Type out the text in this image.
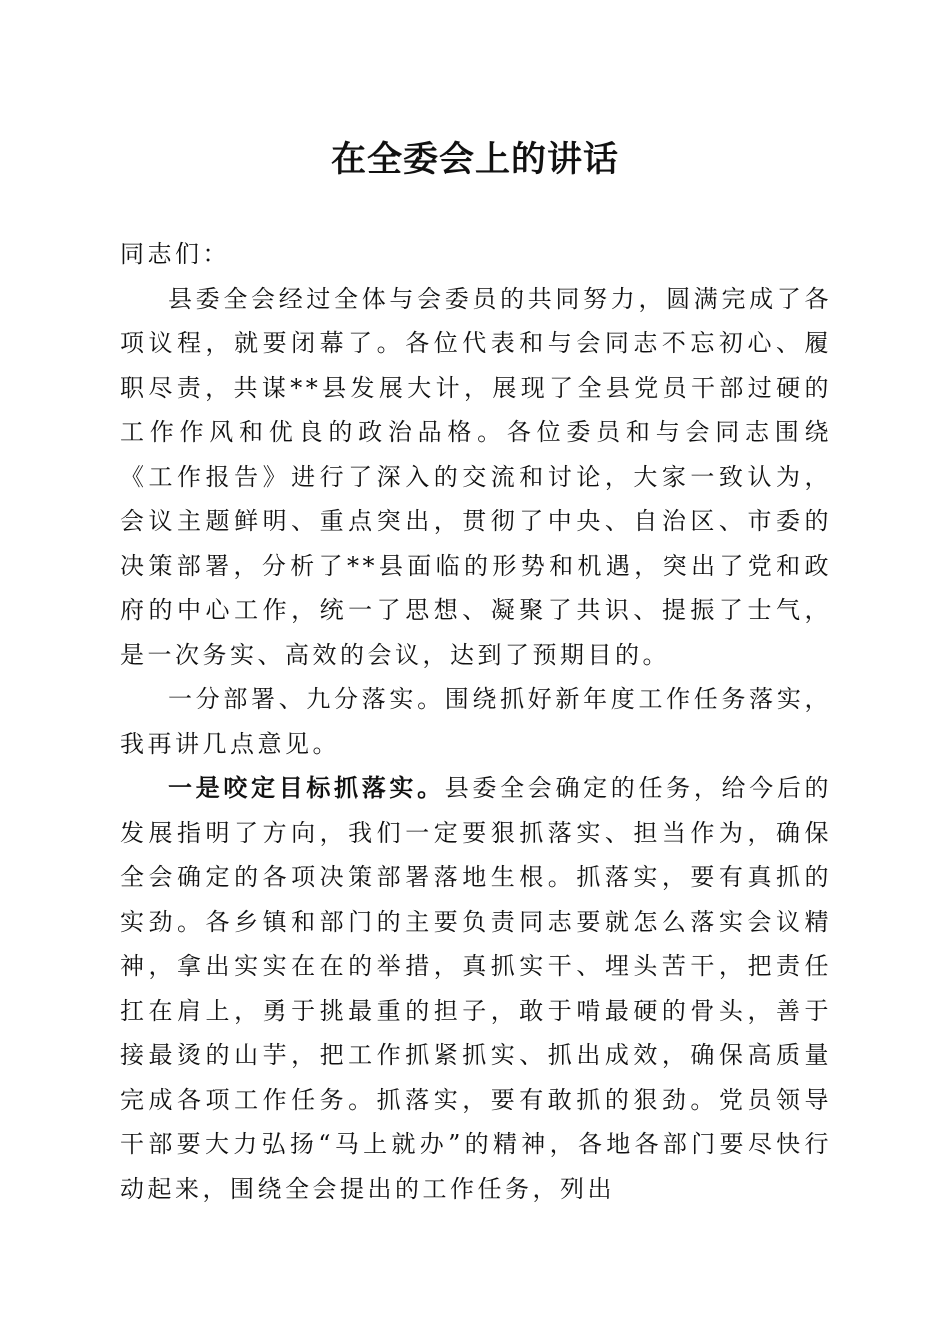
在全委会上的讲话

同志们：

县委全会经过全体与会委员的共同努力，圆满完成了各项议程，就要闭幕了。各位代表和与会同志不忘初心、履职尽责，共谋**县发展大计，展现了全县党员干部过硬的工作作风和优良的政治品格。各位委员和与会同志围绕《工作报告》进行了深入的交流和讨论，大家一致认为，会议主题鲜明、重点突出，贯彻了中央、自治区、市委的决策部署，分析了**县面临的形势和机遇，突出了党和政府的中心工作，统一了思想、凝聚了共识、提振了士气，是一次务实、高效的会议，达到了预期目的。

一分部署、九分落实。围绕抓好新年度工作任务落实，我再讲几点意见。

一是咬定目标抓落实。县委全会确定的任务，给今后的发展指明了方向，我们一定要狠抓落实、担当作为，确保全会确定的各项决策部署落地生根。抓落实，要有真抓的实劲。各乡镇和部门的主要负责同志要就怎么落实会议精神，拿出实实在在的举措，真抓实干、埋头苦干，把责任扛在肩上，勇于挑最重的担子，敢于啃最硬的骨头，善于接最烫的山芋，把工作抓紧抓实、抓出成效，确保高质量完成各项工作任务。抓落实，要有敢抓的狠劲。党员领导干部要大力弘扬“马上就办”的精神，各地各部门要尽快行动起来，围绕全会提出的工作任务，列出
